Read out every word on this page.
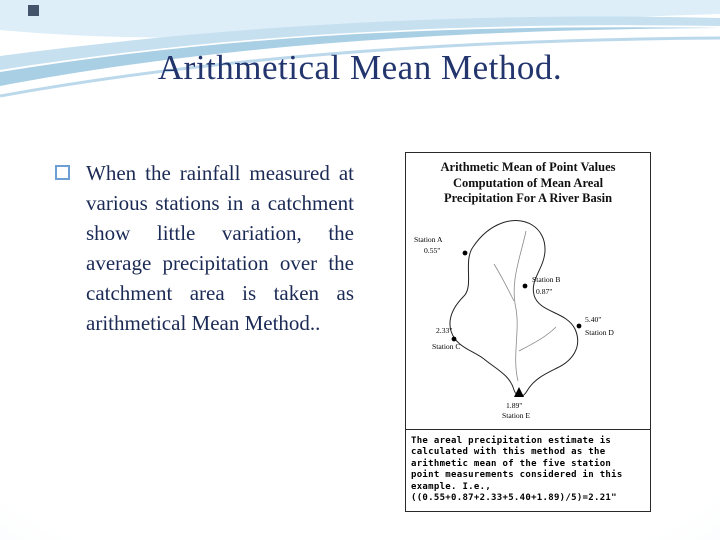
Arithmetical Mean Method.

When the rainfall measured at various stations in a catchment show little variation, the average precipitation over the catchment area is taken as arithmetical Mean Method..

Arithmetic Mean of Point Values
Computation of Mean Areal
Precipitation For A River Basin
Station A
0.55"
Station B
0.87"
2.33"
Station C
5.40"
Station D
1.89"
Station E
The areal precipitation estimate is
calculated with this method as the
arithmetic mean of the five station
point measurements considered in this
example. I.e.,
((0.55+0.87+2.33+5.40+1.89)/5)=2.21"
